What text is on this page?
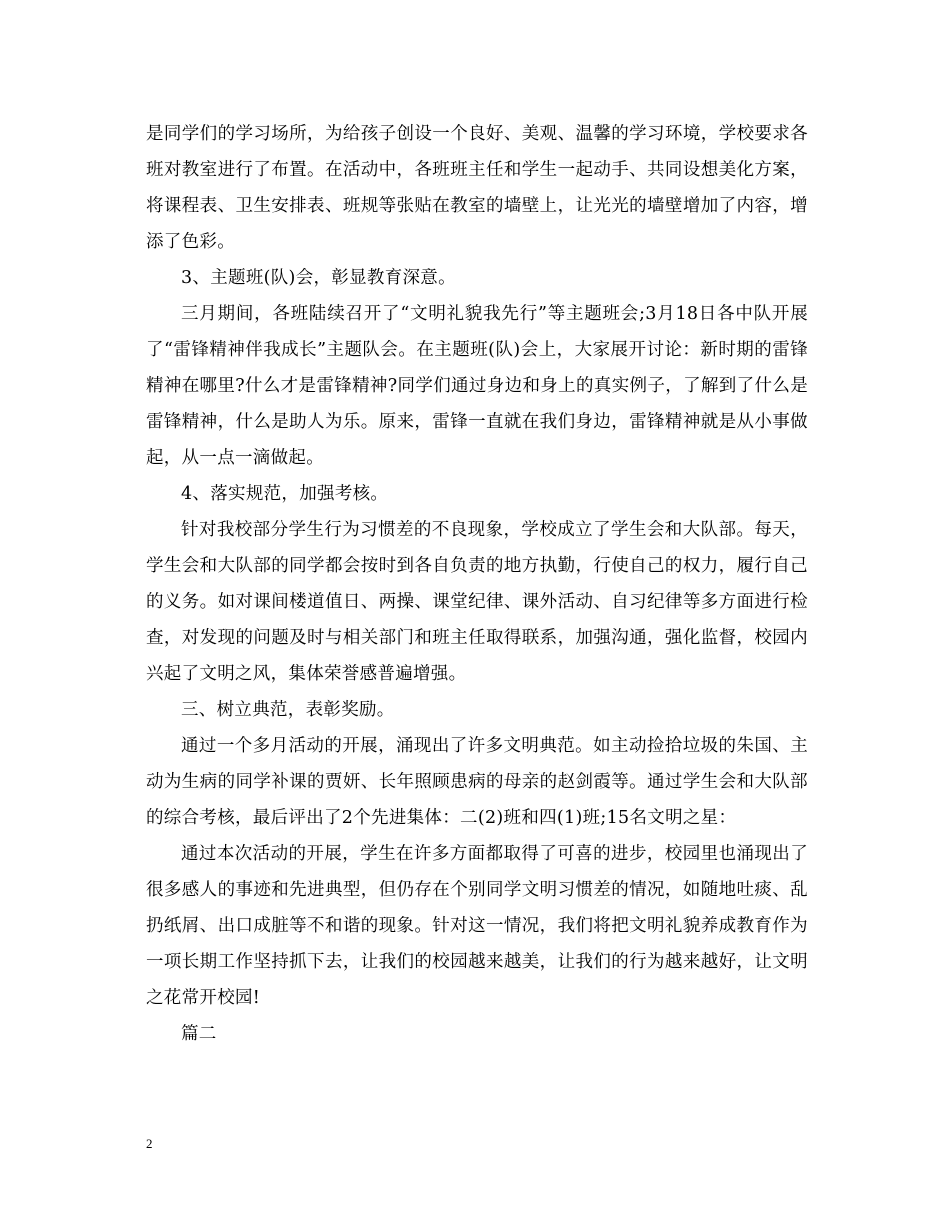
是同学们的学习场所，为给孩子创设一个良好、美观、温馨的学习环境，学校要求各班对教室进行了布置。在活动中，各班班主任和学生一起动手、共同设想美化方案，将课程表、卫生安排表、班规等张贴在教室的墙壁上，让光光的墙壁增加了内容，增添了色彩。

3、主题班(队)会，彰显教育深意。

三月期间，各班陆续召开了“文明礼貌我先行”等主题班会;3月18日各中队开展了“雷锋精神伴我成长”主题队会。在主题班(队)会上，大家展开讨论：新时期的雷锋精神在哪里?什么才是雷锋精神?同学们通过身边和身上的真实例子，了解到了什么是雷锋精神，什么是助人为乐。原来，雷锋一直就在我们身边，雷锋精神就是从小事做起，从一点一滴做起。

4、落实规范，加强考核。

针对我校部分学生行为习惯差的不良现象，学校成立了学生会和大队部。每天，学生会和大队部的同学都会按时到各自负责的地方执勤，行使自己的权力，履行自己的义务。如对课间楼道值日、两操、课堂纪律、课外活动、自习纪律等多方面进行检查，对发现的问题及时与相关部门和班主任取得联系，加强沟通，强化监督，校园内兴起了文明之风，集体荣誉感普遍增强。

三、树立典范，表彰奖励。

通过一个多月活动的开展，涌现出了许多文明典范。如主动捡拾垃圾的朱国、主动为生病的同学补课的贾妍、长年照顾患病的母亲的赵剑霞等。通过学生会和大队部的综合考核，最后评出了2个先进集体：二(2)班和四(1)班;15名文明之星：

通过本次活动的开展，学生在许多方面都取得了可喜的进步，校园里也涌现出了很多感人的事迹和先进典型，但仍存在个别同学文明习惯差的情况，如随地吐痰、乱扔纸屑、出口成脏等不和谐的现象。针对这一情况，我们将把文明礼貌养成教育作为一项长期工作坚持抓下去，让我们的校园越来越美，让我们的行为越来越好，让文明之花常开校园!

篇二

2
